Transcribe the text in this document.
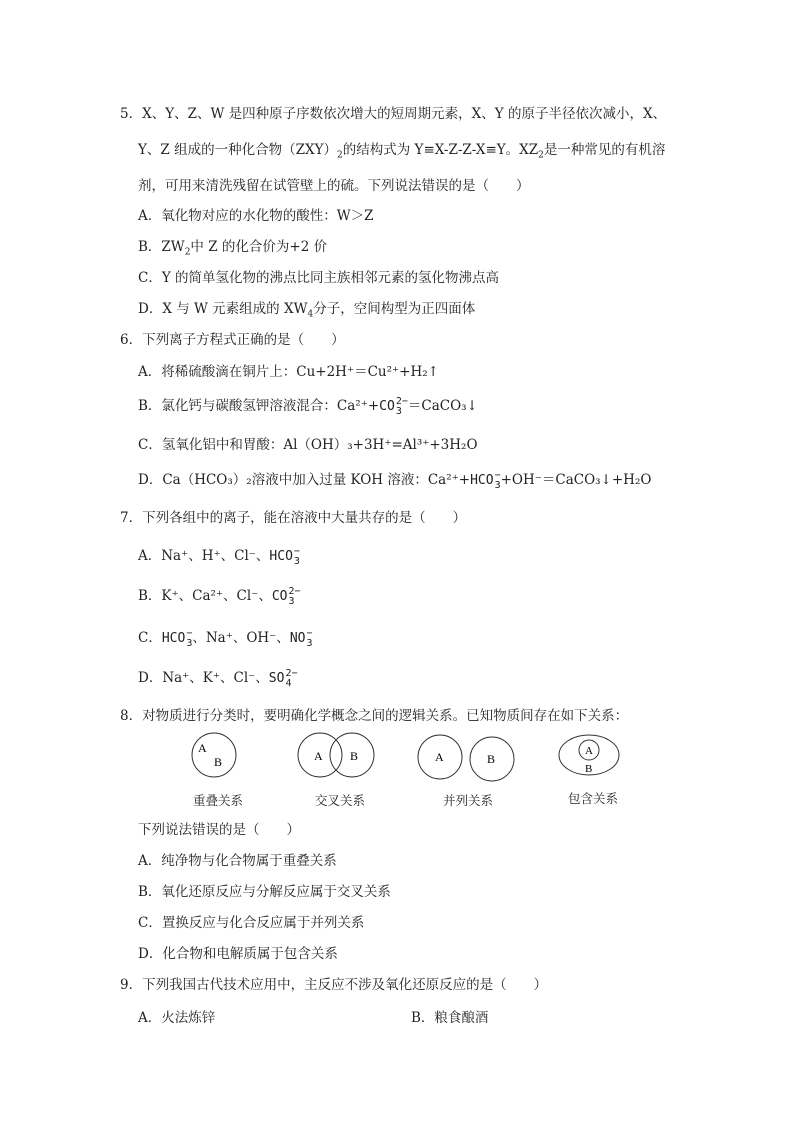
5．X、Y、Z、W 是四种原子序数依次增大的短周期元素，X、Y 的原子半径依次减小，X、
Y、Z 组成的一种化合物$(ZXY)_2$的结构式为 Y≡X-Z-Z-X≡Y。$XZ_2$是一种常见的有机溶
剂，可用来清洗残留在试管壁上的硫。下列说法错误的是（　　）
A．氧化物对应的水化物的酸性：W＞Z
B．$ZW_2$中 Z 的化合价为+2 价
C．Y 的简单氢化物的沸点比同主族相邻元素的氢化物沸点高
D．X 与 W 元素组成的 $XW_4$分子，空间构型为正四面体
6．下列离子方程式正确的是（　　）
A．将稀硫酸滴在铜片上：Cu+2H⁺＝Cu²⁺+H₂↑
B．氯化钙与碳酸氢钾溶液混合：Ca²⁺+CO 2−
3 ＝CaCO₃↓
C．氢氧化铝中和胃酸：Al（OH）₃+3H⁺=Al³⁺+3H₂O
D．Ca（HCO₃）₂溶液中加入过量 KOH 溶液：Ca²⁺+HCO −
3 +OH⁻＝CaCO₃↓+H₂O
7．下列各组中的离子，能在溶液中大量共存的是（　　）
A．Na⁺、H⁺、Cl⁻、HCO −
3
B．K⁺、Ca²⁺、Cl⁻、CO 2−
3
C．HCO −
3 、Na⁺、OH⁻、NO −
3
D．Na⁺、K⁺、Cl⁻、SO 2−
4
8．对物质进行分类时，要明确化学概念之间的逻辑关系。已知物质间存在如下关系：
A
B	A B	A	B
A
B
重叠关系	交叉关系	并列关系	包含关系
下列说法错误的是（　　）
A．纯净物与化合物属于重叠关系
B．氧化还原反应与分解反应属于交叉关系
C．置换反应与化合反应属于并列关系
D．化合物和电解质属于包含关系
9．下列我国古代技术应用中，主反应不涉及氧化还原反应的是（　　）
A．火法炼锌	B．粮食酿酒
